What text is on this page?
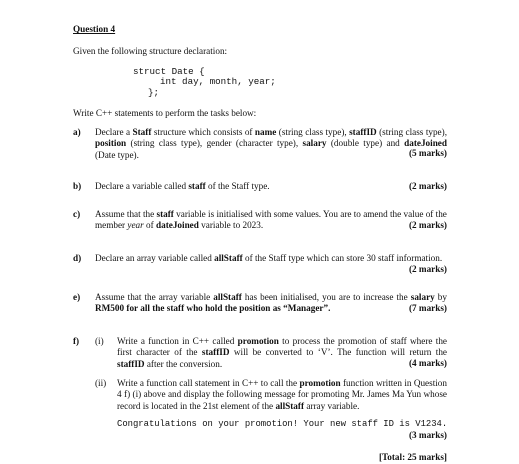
Question 4
Given the following structure declaration:
struct Date {
int day, month, year;
};
Write C++ statements to perform the tasks below:
a) Declare a Staff structure which consists of name (string class type), staffID (string class type), position (string class type), gender (character type), salary (double type) and dateJoined (Date type).	(5 marks)
b) Declare a variable called staff of the Staff type.	(2 marks)
c) Assume that the staff variable is initialised with some values. You are to amend the value of the member year of dateJoined variable to 2023.	(2 marks)
d) Declare an array variable called allStaff of the Staff type which can store 30 staff information.
(2 marks)
e) Assume that the array variable allStaff has been initialised, you are to increase the salary by RM500 for all the staff who hold the position as “Manager”.	(7 marks)
f) (i) Write a function in C++ called promotion to process the promotion of staff where the first character of the staffID will be converted to ‘V’. The function will return the staffID after the conversion.	(4 marks)
(ii) Write a function call statement in C++ to call the promotion function written in Question 4 f) (i) above and display the following message for promoting Mr. James Ma Yun whose record is located in the 21st element of the allStaff array variable.
Congratulations on your promotion! Your new staff ID is V1234.
(3 marks)
[Total: 25 marks]
